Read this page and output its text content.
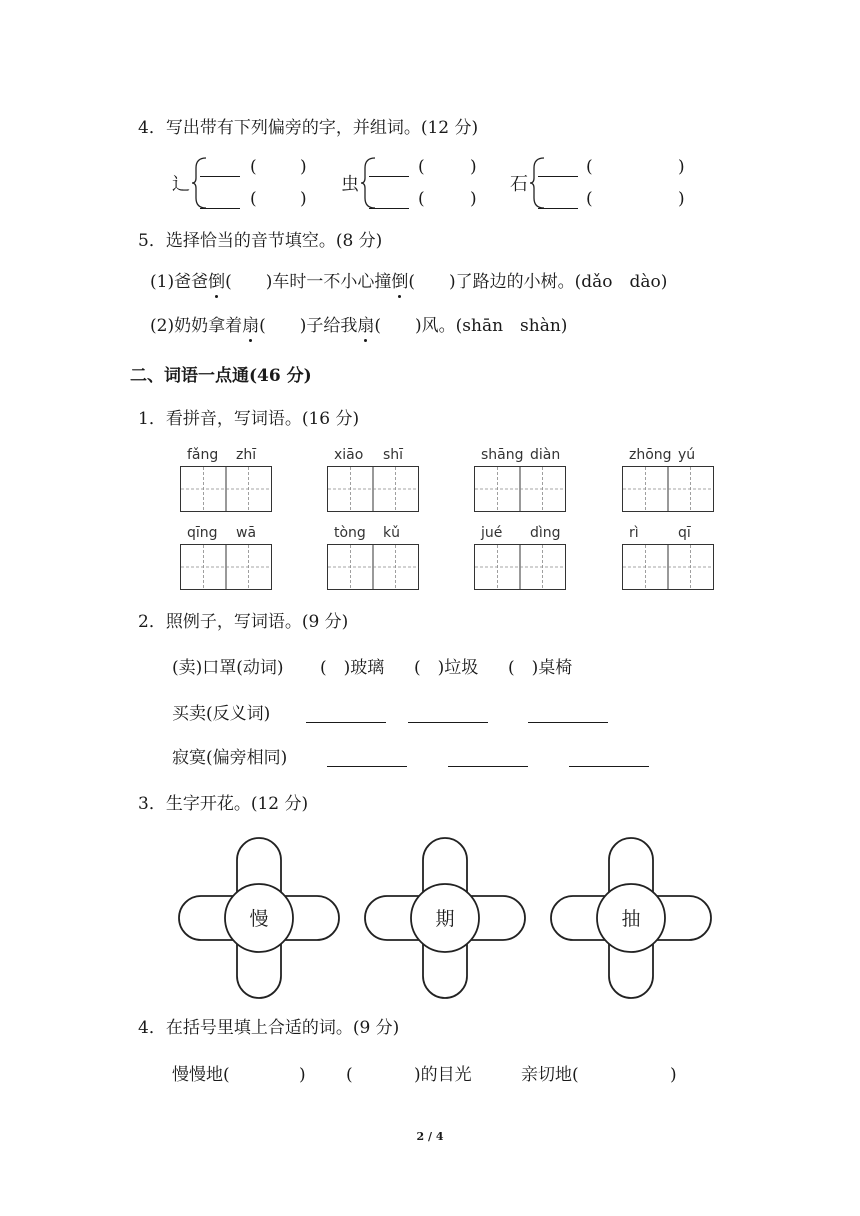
4．写出带有下列偏旁的字，并组词。(12 分)
辶
(	)
(	)
虫
(	)
(	)
石
(	)
(	)
5．选择恰当的音节填空。(8 分)
(1)爸爸倒( )车时一不小心撞倒( )了路边的小树。(dǎo　dào)
(2)奶奶拿着扇( )子给我扇( )风。(shān　shàn)
二、词语一点通(46 分)
1．看拼音，写词语。(16 分)
fǎng zhī	xiāo shī	shāng diàn	zhōng yú
qīng wā	tòng kǔ	jué dìng	rì	qī
2．照例子，写词语。(9 分)
(卖)口罩(动词) (　)玻璃 (　)垃圾 (　)桌椅
买卖(反义词)
寂寞(偏旁相同)
3．生字开花。(12 分)
慢	期	抽
4．在括号里填上合适的词。(9 分)
慢慢地(	) (	)的目光	亲切地(	)
2 / 4
